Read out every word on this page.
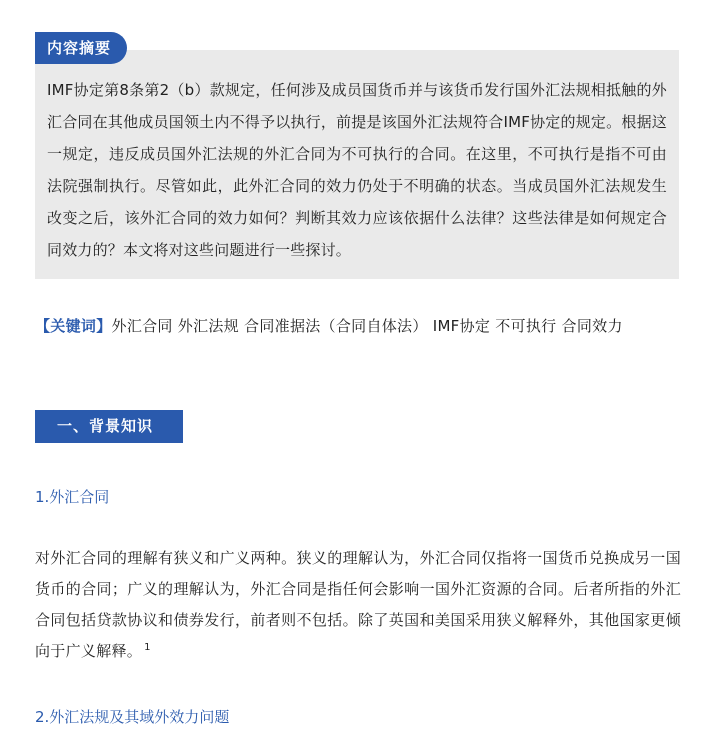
内容摘要

IMF协定第8条第2（b）款规定，任何涉及成员国货币并与该货币发行国外汇法规相抵触的外汇合同在其他成员国领土内不得予以执行，前提是该国外汇法规符合IMF协定的规定。根据这一规定，违反成员国外汇法规的外汇合同为不可执行的合同。在这里，不可执行是指不可由法院强制执行。尽管如此，此外汇合同的效力仍处于不明确的状态。当成员国外汇法规发生改变之后，该外汇合同的效力如何？判断其效力应该依据什么法律？这些法律是如何规定合同效力的？本文将对这些问题进行一些探讨。

【关键词】外汇合同 外汇法规 合同准据法（合同自体法） IMF协定 不可执行 合同效力

一、背景知识

1.外汇合同

对外汇合同的理解有狭义和广义两种。狭义的理解认为，外汇合同仅指将一国货币兑换成另一国货币的合同；广义的理解认为，外汇合同是指任何会影响一国外汇资源的合同。后者所指的外汇合同包括贷款协议和债券发行，前者则不包括。除了英国和美国采用狭义解释外，其他国家更倾向于广义解释。 $^1$

2.外汇法规及其域外效力问题
